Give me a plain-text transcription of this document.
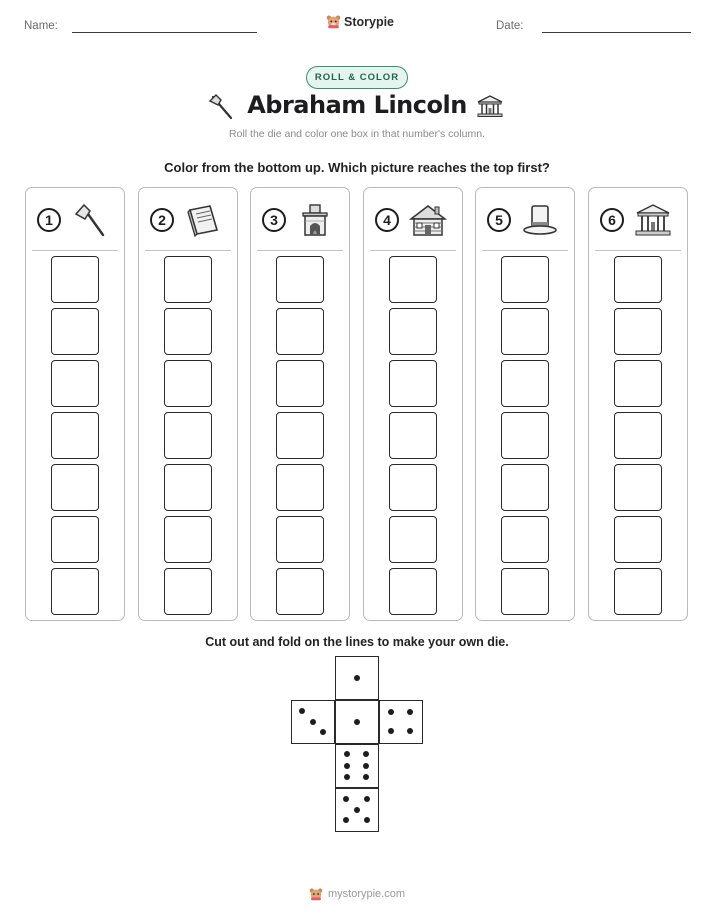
Name:	Storypie	Date:
ROLL & COLOR
Abraham Lincoln
Roll the die and color one box in that number's column.
Color from the bottom up. Which picture reaches the top first?
1	2	3	4	5	6
Cut out and fold on the lines to make your own die.
mystorypie.com
